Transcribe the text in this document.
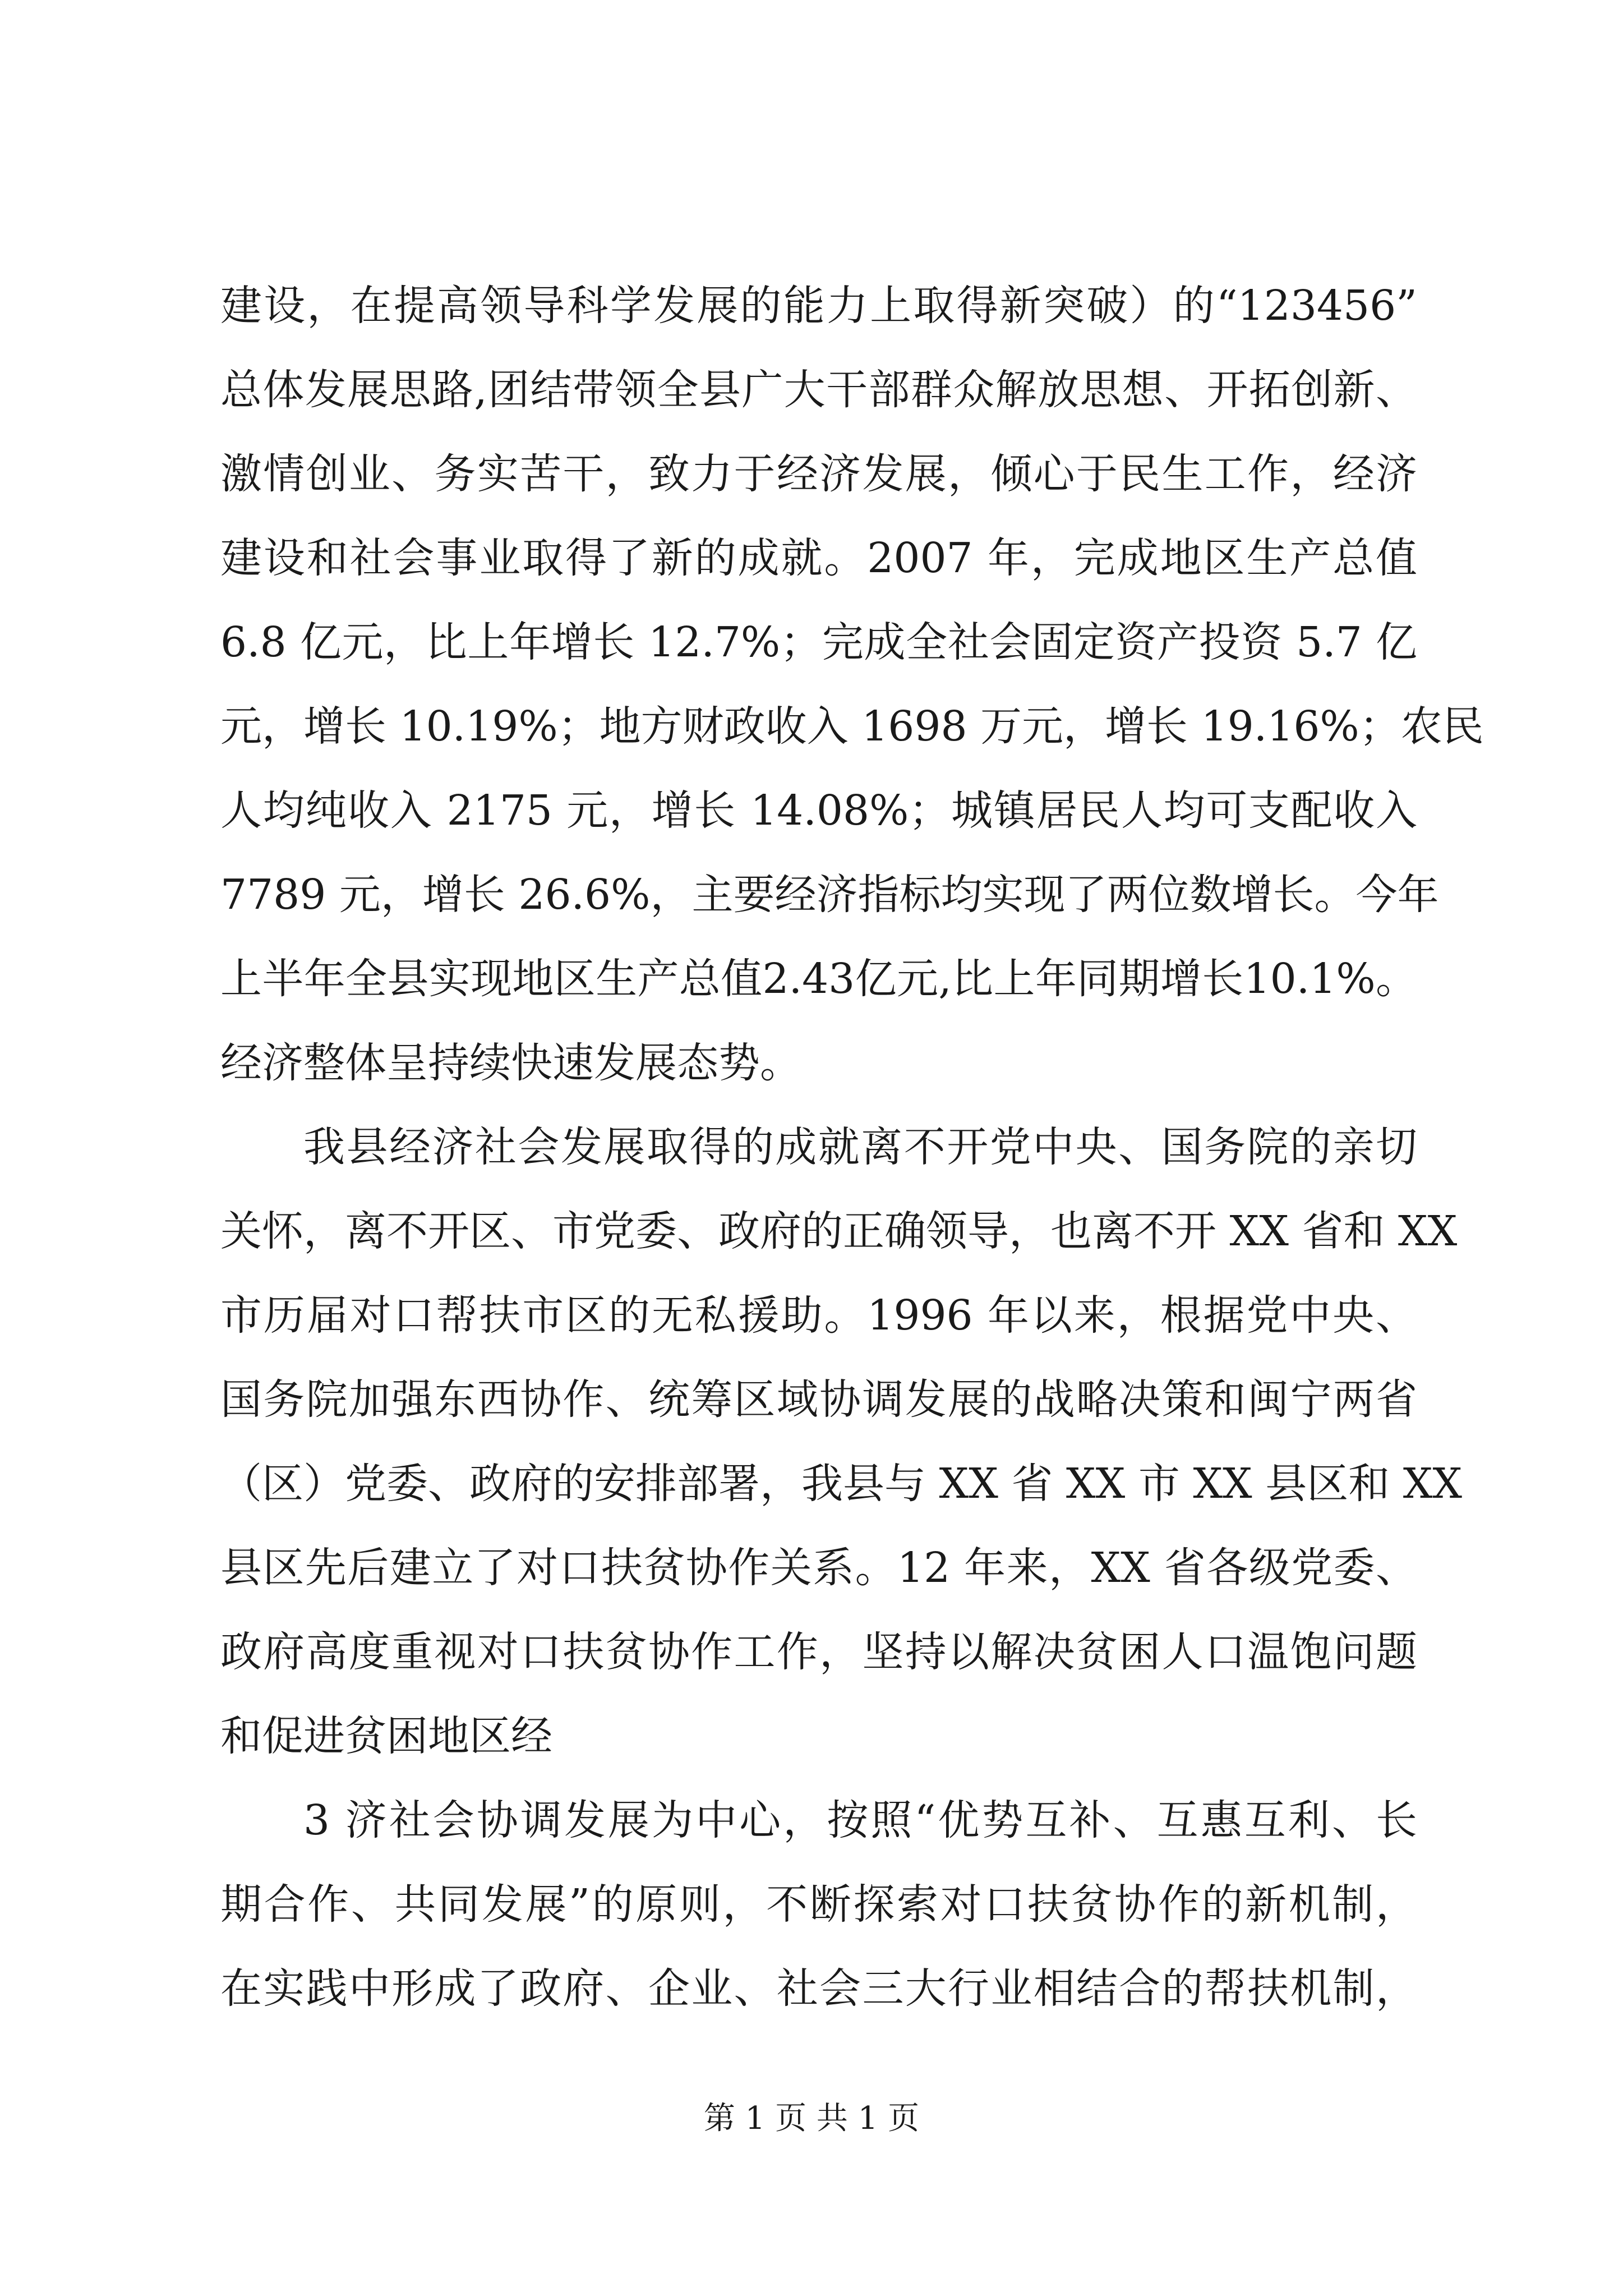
建设，在提高领导科学发展的能力上取得新突破）的“123456”
总体发展思路,团结带领全县广大干部群众解放思想、开拓创新、
激情创业、务实苦干，致力于经济发展，倾心于民生工作，经济
建设和社会事业取得了新的成就。2007 年，完成地区生产总值
6.8 亿元，比上年增长 12.7%；完成全社会固定资产投资 5.7 亿
元，增长 10.19%；地方财政收入 1698 万元，增长 19.16%；农民
人均纯收入 2175 元，增长 14.08%；城镇居民人均可支配收入
7789 元，增长 26.6%，主要经济指标均实现了两位数增长。今年
上半年全县实现地区生产总值2.43亿元,比上年同期增长10.1%。
经济整体呈持续快速发展态势。
我县经济社会发展取得的成就离不开党中央、国务院的亲切
关怀，离不开区、市党委、政府的正确领导，也离不开 XX 省和 XX
市历届对口帮扶市区的无私援助。1996 年以来，根据党中央、
国务院加强东西协作、统筹区域协调发展的战略决策和闽宁两省
（区）党委、政府的安排部署，我县与 XX 省 XX 市 XX 县区和 XX
县区先后建立了对口扶贫协作关系。12 年来，XX 省各级党委、
政府高度重视对口扶贫协作工作，坚持以解决贫困人口温饱问题
和促进贫困地区经
3 济社会协调发展为中心，按照“优势互补、互惠互利、长
期合作、共同发展”的原则，不断探索对口扶贫协作的新机制，
在实践中形成了政府、企业、社会三大行业相结合的帮扶机制，
第 1 页 共 1 页
